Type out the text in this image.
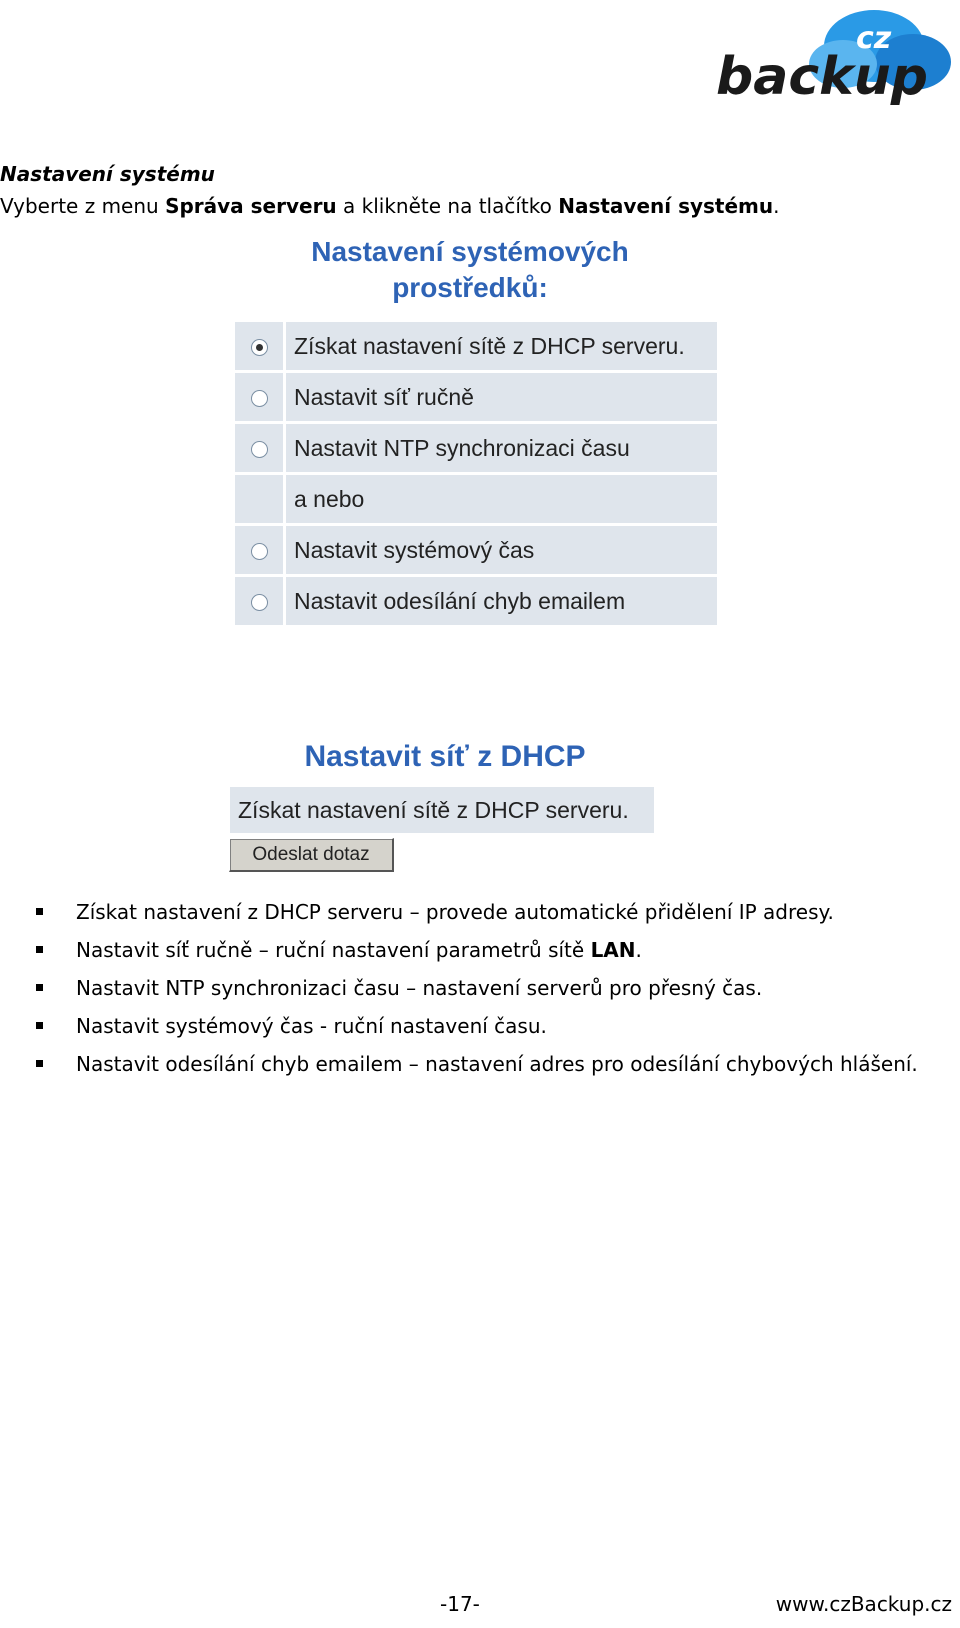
cz
backup
Nastavení systému
Vyberte z menu Správa serveru a klikněte na tlačítko Nastavení systému.
Nastavení systémových
prostředků:
	Získat nastavení sítě z DHCP serveru.
	Nastavit síť ručně
	Nastavit NTP synchronizaci času
	a nebo
	Nastavit systémový čas
	Nastavit odesílání chyb emailem
Nastavit síť z DHCP
Získat nastavení sítě z DHCP serveru.
Odeslat dotaz
Získat nastavení z DHCP serveru – provede automatické přidělení IP adresy.
Nastavit síť ručně – ruční nastavení parametrů sítě LAN.
Nastavit NTP synchronizaci času – nastavení serverů pro přesný čas.
Nastavit systémový čas - ruční nastavení času.
Nastavit odesílání chyb emailem – nastavení adres pro odesílání chybových hlášení.
-17-	www.czBackup.cz
